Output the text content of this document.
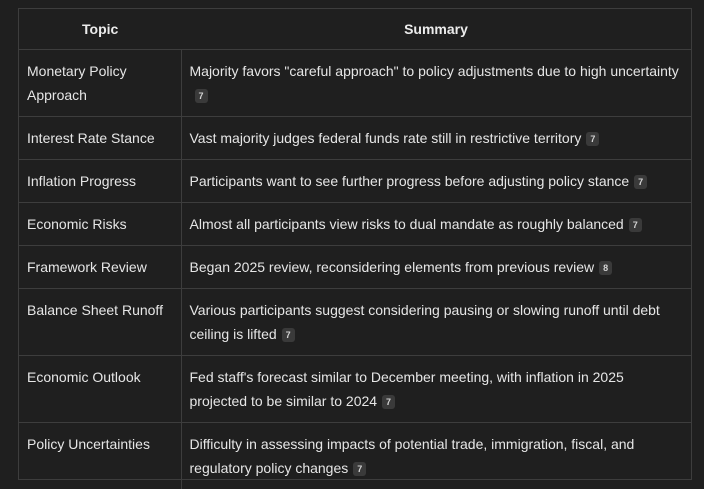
Topic	Summary
Monetary Policy Approach	Majority favors "careful approach" to policy adjustments due to high uncertainty7
Interest Rate Stance	Vast majority judges federal funds rate still in restrictive territory 7
Inflation Progress	Participants want to see further progress before adjusting policy stance 7
Economic Risks	Almost all participants view risks to dual mandate as roughly balanced 7
Framework Review	Began 2025 review, reconsidering elements from previous review 8
Balance Sheet Runoff	Various participants suggest considering pausing or slowing runoff until debt ceiling is lifted 7
Economic Outlook	Fed staff's forecast similar to December meeting, with inflation in 2025 projected to be similar to 2024 7
Policy Uncertainties	Difficulty in assessing impacts of potential trade, immigration, fiscal, and regulatory policy changes 7
